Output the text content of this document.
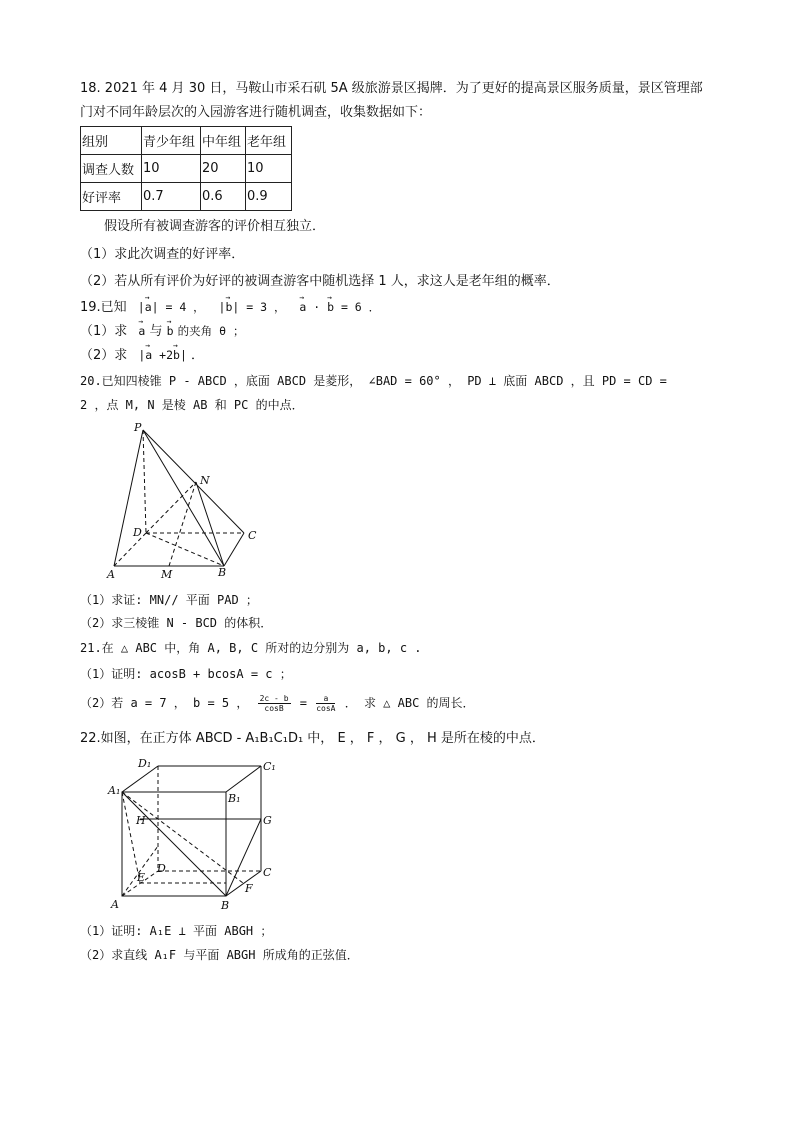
18. 2021 年 4 月 30 日，马鞍山市采石矶 5A 级旅游景区揭牌．为了更好的提高景区服务质量，景区管理部
门对不同年龄层次的入园游客进行随机调查，收集数据如下：
组别	青少年组	中年组	老年组
调查人数	10	20	10
好评率	0.7	0.6	0.9
假设所有被调查游客的评价相互独立．
（1）求此次调查的好评率．
（2）若从所有评价为好评的被调查游客中随机选择 1 人，求这人是老年组的概率．
19.已知  |→ a| = 4 ，  |→ b| = 3 ， → a · → b = 6 ．
（1）求 → a 与 → b 的夹角 θ ；
（2）求  |→ a +2→ b| ．
20.已知四棱锥 P - ABCD ，底面 ABCD 是菱形， ∠BAD = 60° ， PD ⊥ 底面 ABCD ，且 PD = CD =
2 ，点 M, N 是棱 AB 和 PC 的中点．
P
N
D	C
A	M	B
（1）求证: MN// 平面 PAD ；
（2）求三棱锥 N - BCD 的体积．
21.在 △ ABC 中，角 A, B, C 所对的边分别为 a, b, c .
（1）证明: acosB + bcosA = c ；
（2）若 a = 7 ， b = 5 ， $\frac{2c - b}{\cos B} = \frac{a}{\cos A}$ ． 求 △ ABC 的周长．
22.如图，在正方体 ABCD - A₁B₁C₁D₁ 中， E ， F ， G ， H 是所在棱的中点．
D₁	C₁
A₁
B₁
H	G
D
E	C
F
A	B
（1）证明: A₁E ⊥ 平面 ABGH ；
（2）求直线 A₁F 与平面 ABGH 所成角的正弦值．
